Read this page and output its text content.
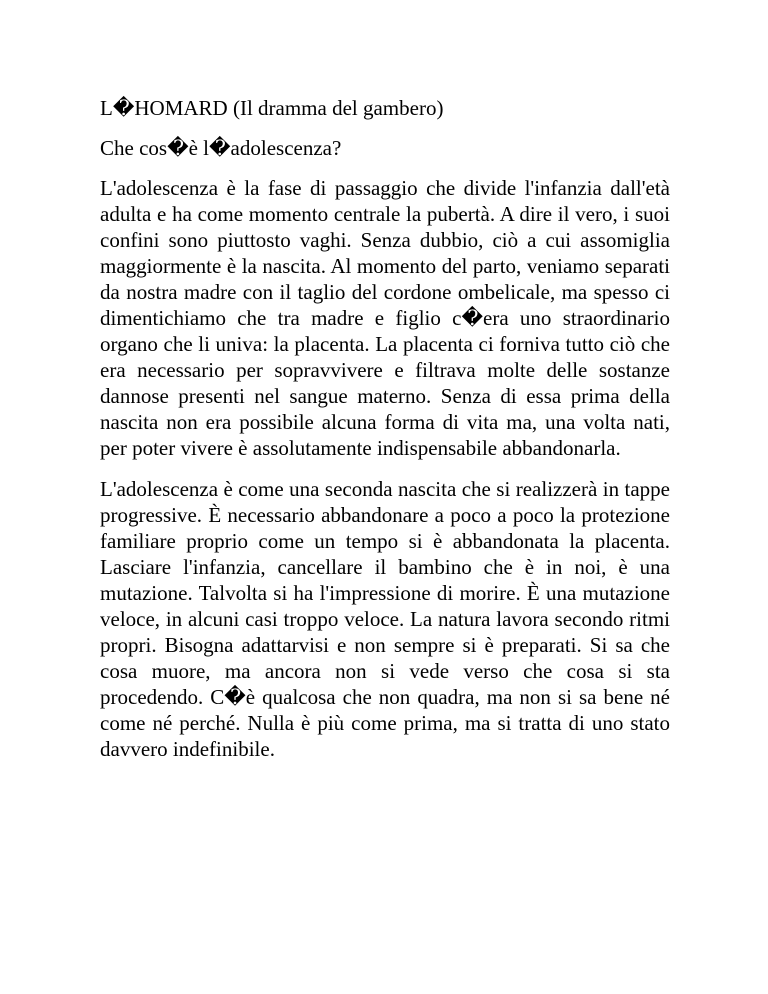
L�HOMARD (Il dramma del gambero)

Che cos�è l�adolescenza?

L'adolescenza è la fase di passaggio che divide l'infanzia dall'età adulta e ha come momento centrale la pubertà. A dire il vero, i suoi confini sono piuttosto vaghi. Senza dubbio, ciò a cui assomiglia maggiormente è la nascita. Al momento del parto, veniamo separati da nostra madre con il taglio del cordone ombelicale, ma spesso ci dimentichiamo che tra madre e figlio c�era uno straordinario organo che li univa: la placenta. La placenta ci forniva tutto ciò che era necessario per sopravvivere e filtrava molte delle sostanze dannose presenti nel sangue materno. Senza di essa prima della nascita non era possibile alcuna forma di vita ma, una volta nati, per poter vivere è assolutamente indispensabile abbandonarla.

L'adolescenza è come una seconda nascita che si realizzerà in tappe progressive. È necessario abbandonare a poco a poco la protezione familiare proprio come un tempo si è abbandonata la placenta. Lasciare l'infanzia, cancellare il bambino che è in noi, è una mutazione. Talvolta si ha l'impressione di morire. È una mutazione veloce, in alcuni casi troppo veloce. La natura lavora secondo ritmi propri. Bisogna adattarvisi e non sempre si è preparati. Si sa che cosa muore, ma ancora non si vede verso che cosa si sta procedendo. C�è qualcosa che non quadra, ma non si sa bene né come né perché. Nulla è più come prima, ma si tratta di uno stato davvero indefinibile.
